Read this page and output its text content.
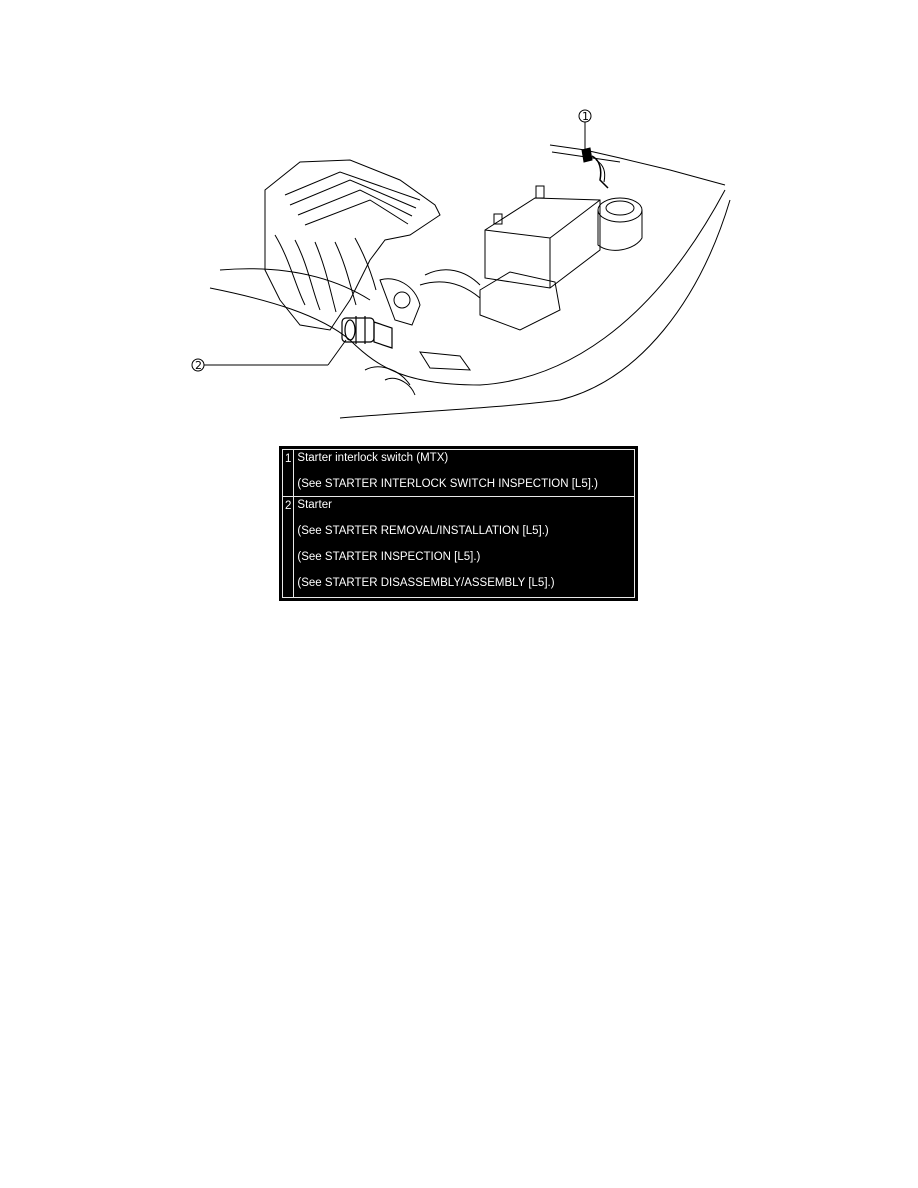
1
2
1	Starter interlock switch (MTX)
(See STARTER INTERLOCK SWITCH INSPECTION [L5].)

2	Starter
(See STARTER REMOVAL/INSTALLATION [L5].)
(See STARTER INSPECTION [L5].)
(See STARTER DISASSEMBLY/ASSEMBLY [L5].)
